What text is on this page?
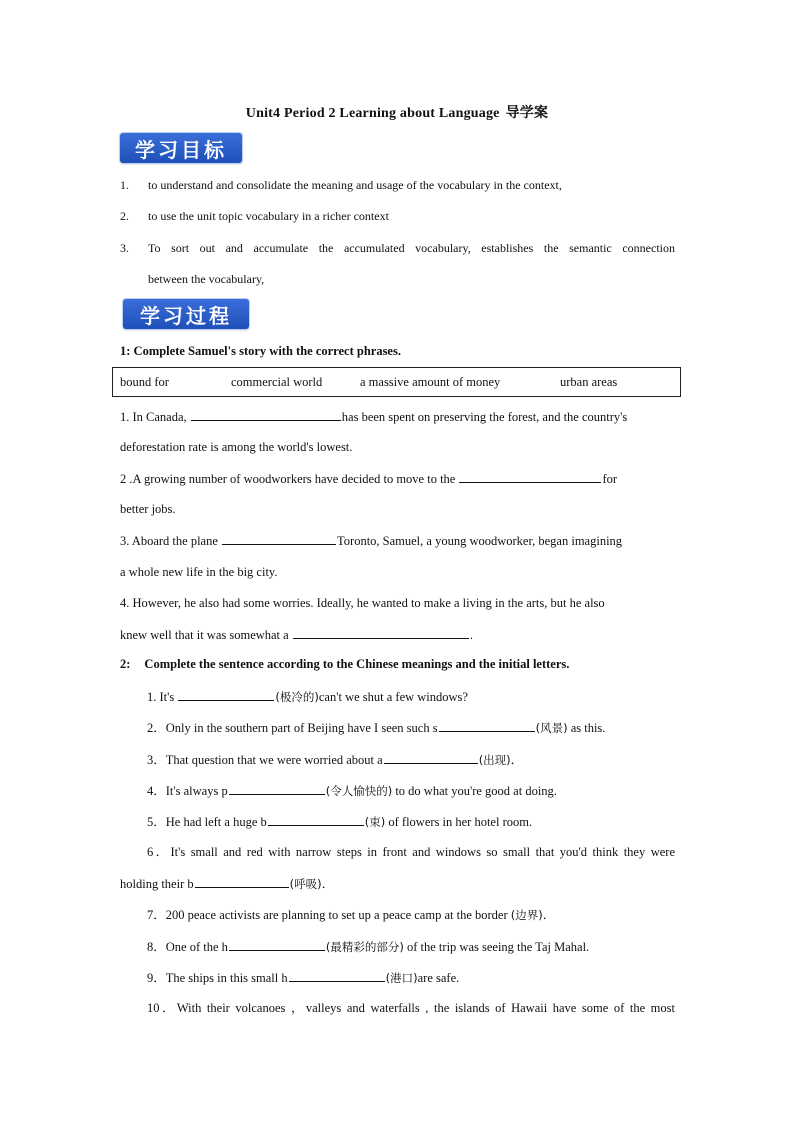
Unit4 Period 2 Learning about Language 导学案
学习目标
1.	to understand and consolidate the meaning and usage of the vocabulary in the context,
2.	to use the unit topic vocabulary in a richer context
3.	To sort out and accumulate the accumulated vocabulary, establishes the semantic connection
between the vocabulary,
学习过程
1: Complete Samuel's story with the correct phrases.
bound for	commercial world	a massive amount of money	urban areas
1. In Canada,	has been spent on preserving the forest, and the country's
deforestation rate is among the world's lowest.
2 .A growing number of woodworkers have decided to move to the	for
better jobs.
3. Aboard the plane	Toronto, Samuel, a young woodworker, began imagining
a whole new life in the big city.
4. However, he also had some worries. Ideally, he wanted to make a living in the arts, but he also
knew well that it was somewhat a	.
2: Complete the sentence according to the Chinese meanings and the initial letters.
1. It's	(极冷的)can't we shut a few windows?
2．Only in the southern part of Beijing have I seen such s	(风景) as this.
3．That question that we were worried about a	(出现)．
4．It's always p	(令人愉快的) to do what you're good at doing.
5．He had left a huge b	(束) of flowers in her hotel room.
6．It's small and red with narrow steps in front and windows so small that you'd think they were
holding their b	(呼吸)．
7．200 peace activists are planning to set up a peace camp at the border (边界)．
8．One of the h	(最精彩的部分) of the trip was seeing the Taj Mahal.
9．The ships in this small h	(港口)are safe.
10．With their volcanoes ，valleys and waterfalls , the islands of Hawaii have some of the most
